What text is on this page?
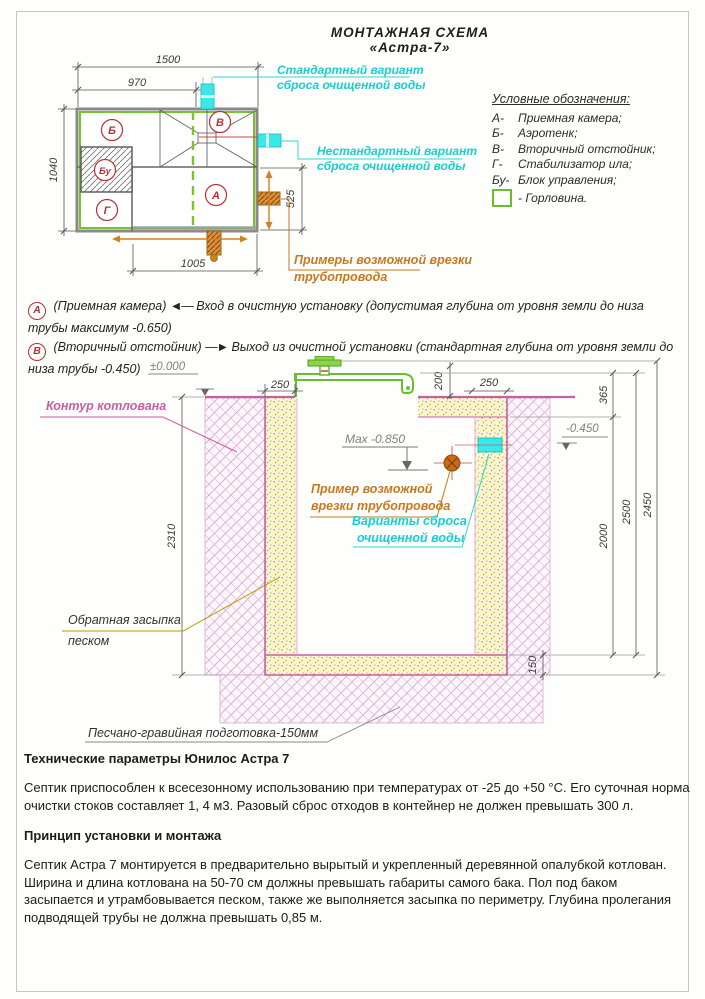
МОНТАЖНАЯ СХЕМА
«Астра-7»
1500
970
1040
525
1005
Б
Бу
Г
В
А
Стандартный вариант
сброса очищенной воды
Нестандартный вариант
сброса очищенной воды
Примеры возможной врезки
трубопровода
Условные обозначения:
А-	Приемная камера;
Б-	Аэротенк;
В-	Вторичный отстойник;
Г-	Стабилизатор ила;
Бу- Блок управления;
- Горловина.
А (Приемная камера) ◄— Вход в очистную установку (допустимая глубина от уровня земли до низа трубы максимум -0.650)
В (Вторичный отстойник) —► Выход из очистной установки (стандартная глубина от уровня земли до низа трубы -0.450)
250	200	250
365
2000
2500 2450
2310
150
±0.000
Max -0.850
-0.450
Контур котлована
Обратная засыпка
песком
Песчано-гравийная подготовка-150мм
Пример возможной
врезки трубопровода
Варианты сброса
очищенной воды
Технические параметры Юнилос Астра 7

Септик приспособлен к всесезонному использованию при температурах от -25 до +50 °С. Его суточная норма очистки стоков составляет 1, 4 м3. Разовый сброс отходов в контейнер не должен превышать 300 л.

Принцип установки и монтажа

Септик Астра 7 монтируется в предварительно вырытый и укрепленный деревянной опалубкой котлован. Ширина и длина котлована на 50-70 см должны превышать габариты самого бака. Пол под баком засыпается и утрамбовывается песком, также же выполняется засыпка по периметру. Глубина пролегания подводящей трубы не должна превышать 0,85 м.
